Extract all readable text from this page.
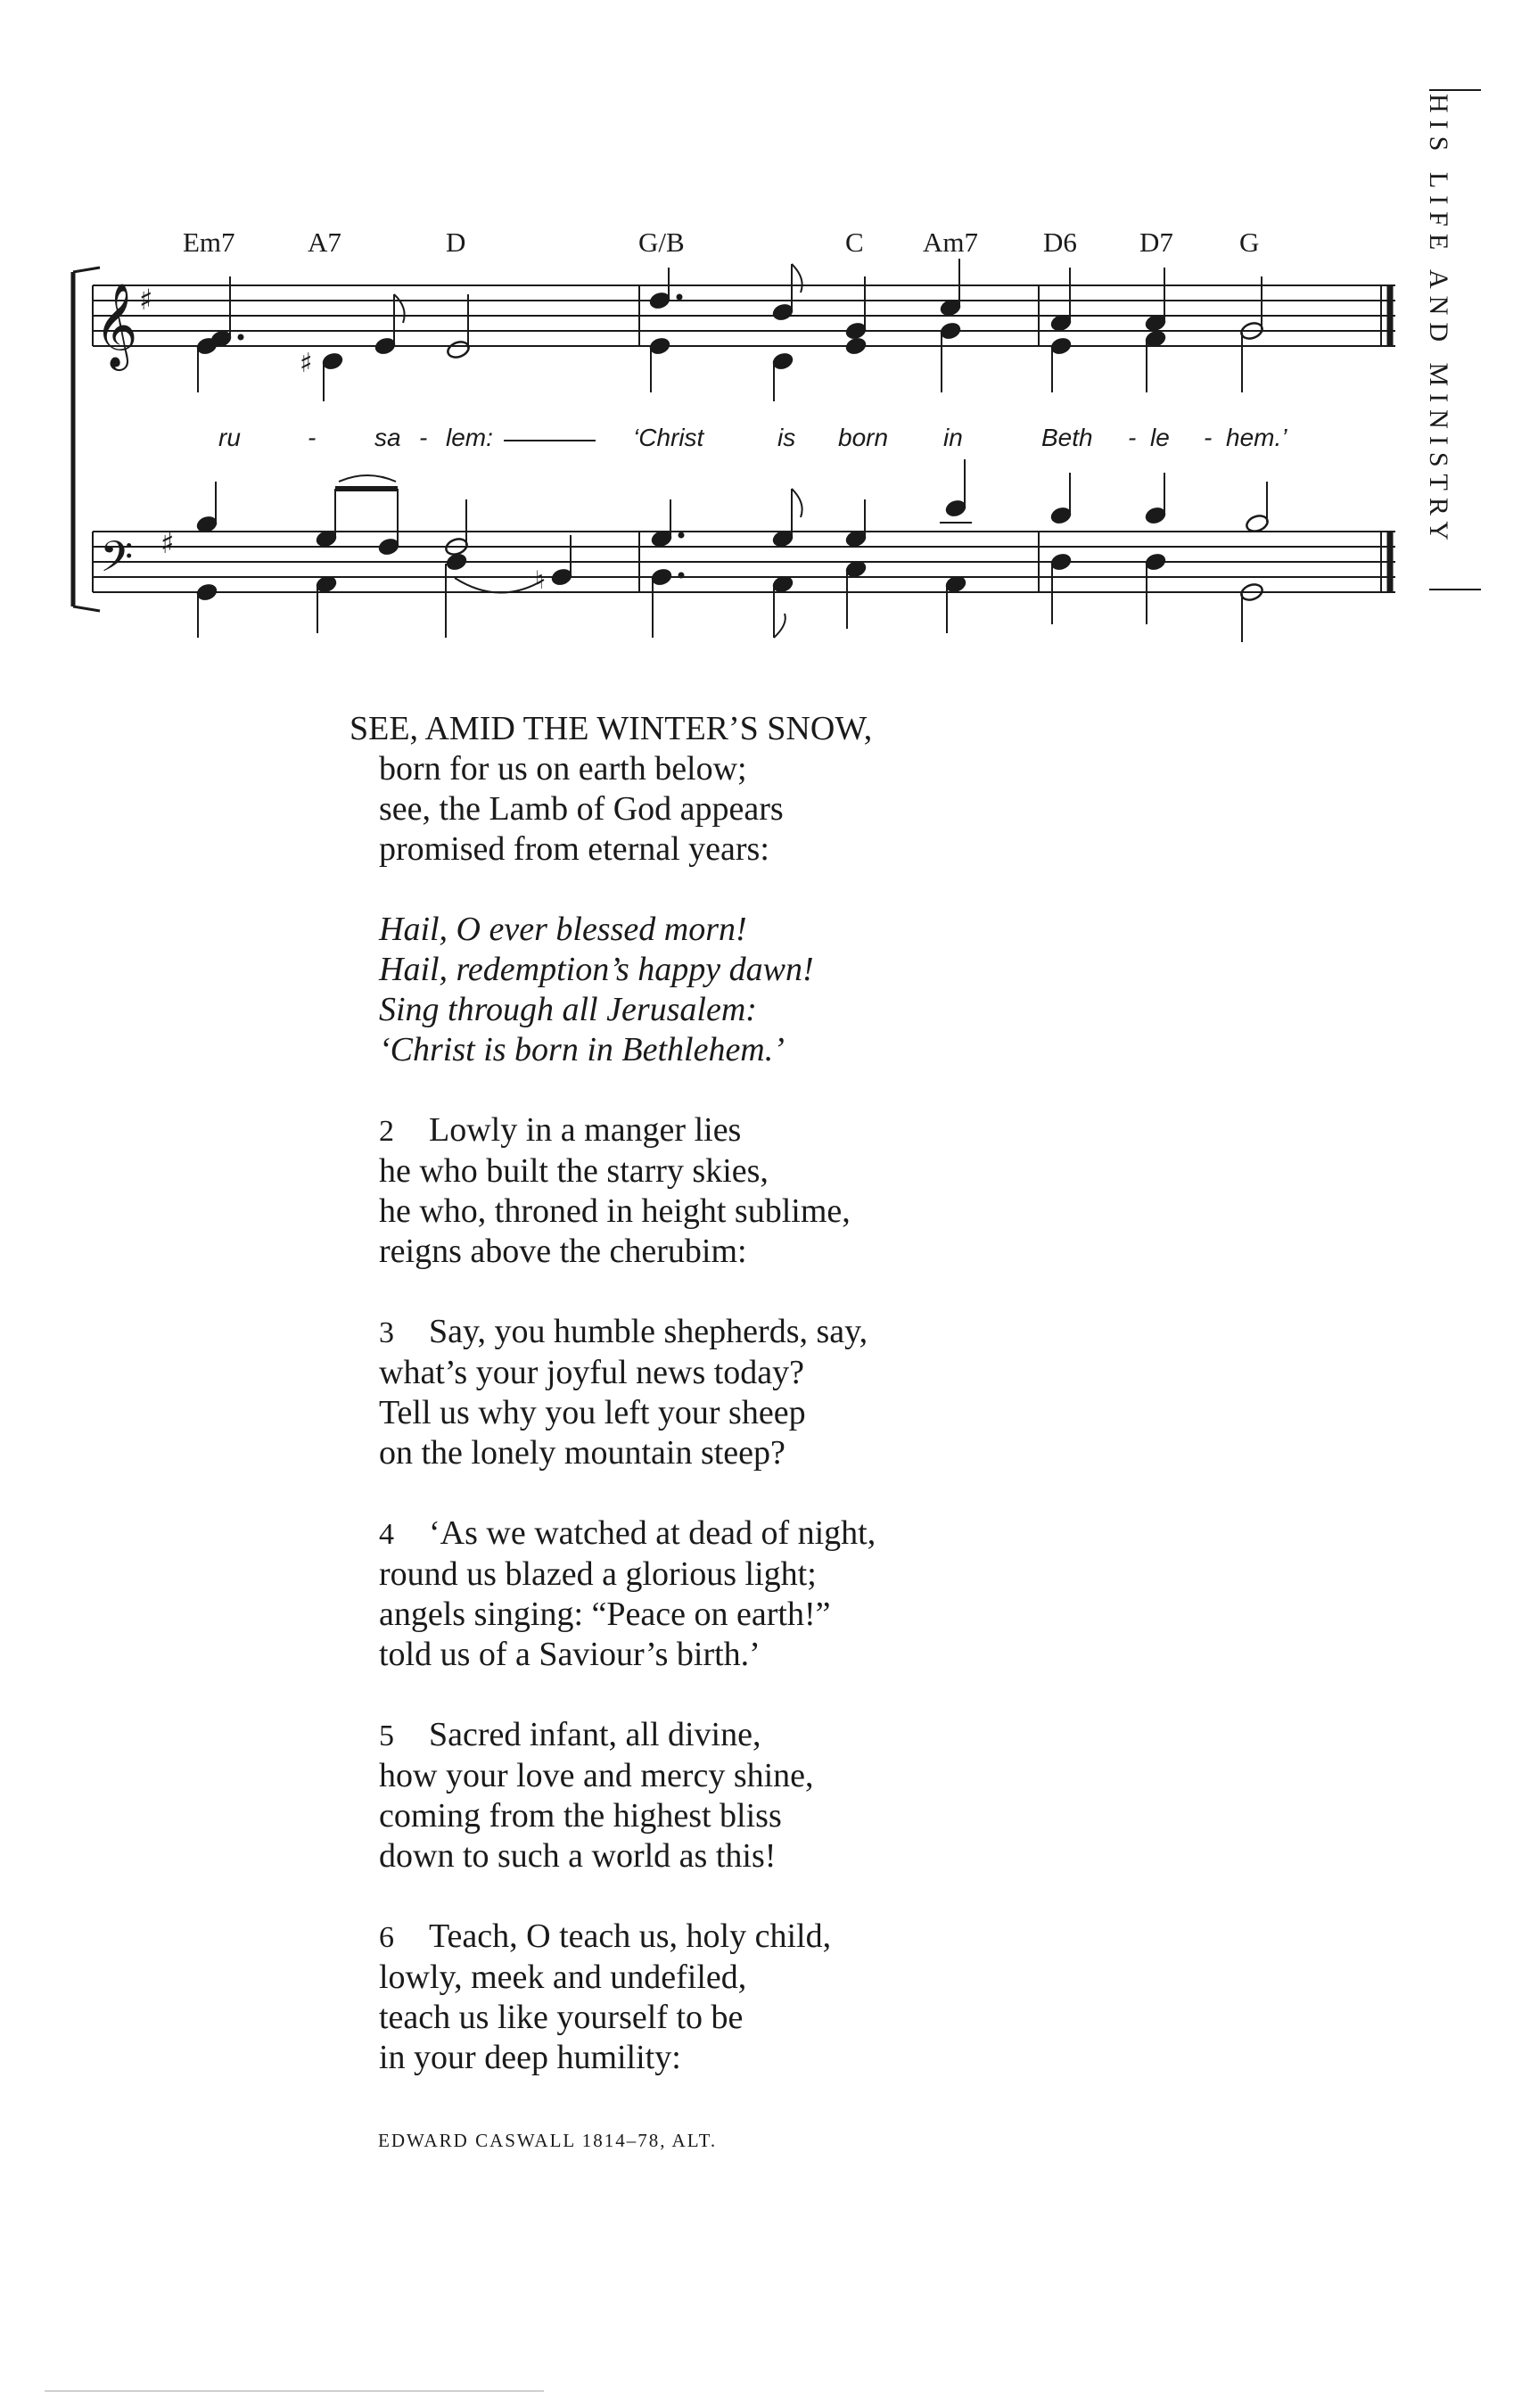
Em7	A7	D	G/B	C Am7 D6 D7 G
𝄞 ♯
𝄢 ♯
♯
ru	- sa - lem:	‘Christ	is born in	Beth - le - hem.’
♮
HIS LIFE AND MINISTRY
SEE, AMID THE WINTER’S SNOW,
born for us on earth below;
see, the Lamb of God appears
promised from eternal years:
Hail, O ever blessed morn!
Hail, redemption’s happy dawn!
Sing through all Jerusalem:
‘Christ is born in Bethlehem.’
2 Lowly in a manger lies
he who built the starry skies,
he who, throned in height sublime,
reigns above the cherubim:
3 Say, you humble shepherds, say,
what’s your joyful news today?
Tell us why you left your sheep
on the lonely mountain steep?
4 ‘As we watched at dead of night,
round us blazed a glorious light;
angels singing: “Peace on earth!”
told us of a Saviour’s birth.’
5 Sacred infant, all divine,
how your love and mercy shine,
coming from the highest bliss
down to such a world as this!
6 Teach, O teach us, holy child,
lowly, meek and undefiled,
teach us like yourself to be
in your deep humility:
EDWARD CASWALL 1814–78, ALT.
